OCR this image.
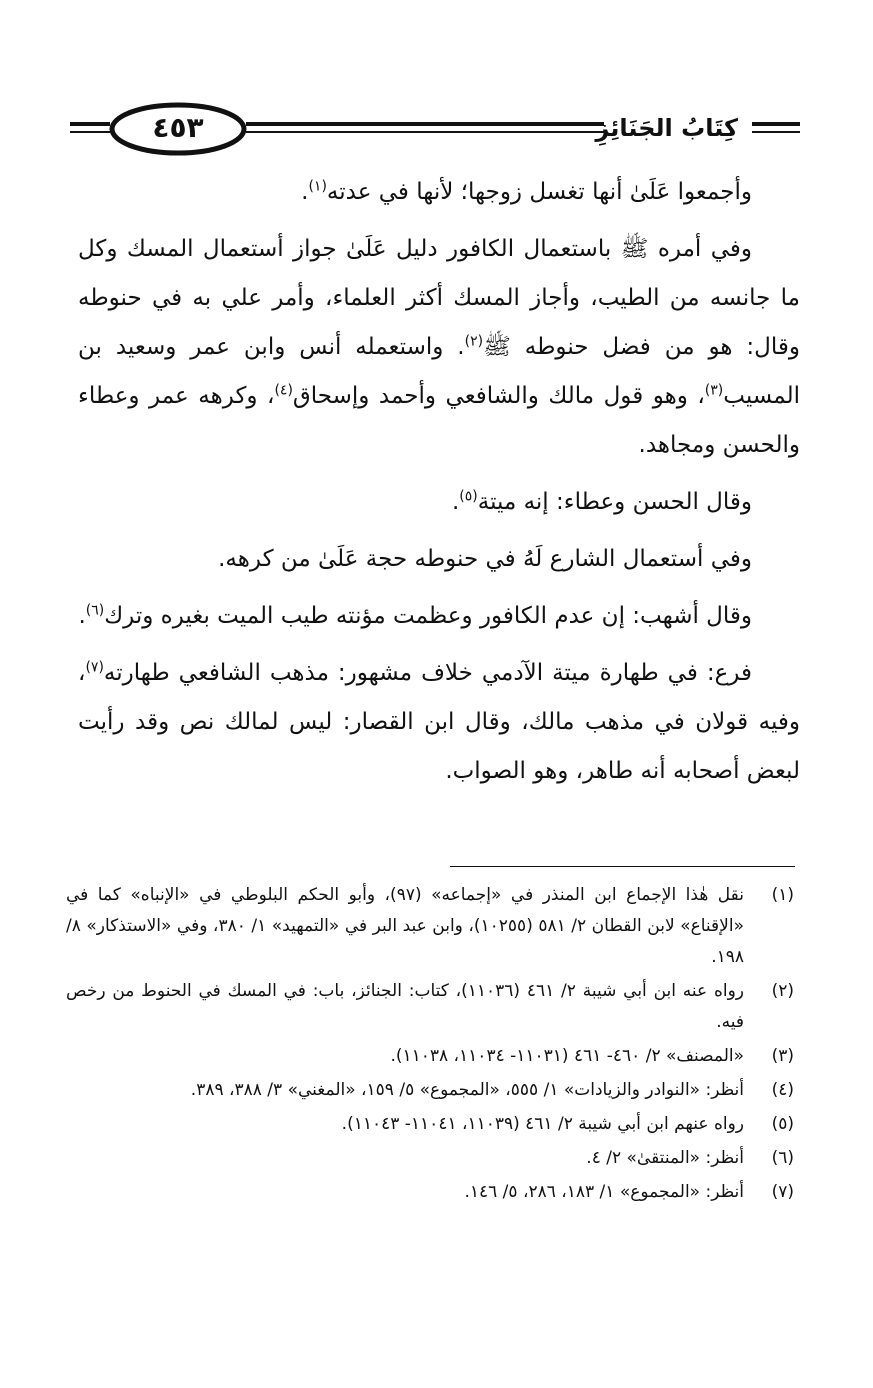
٤٥٣	كِتَابُ الجَنَائِزِ

وأجمعوا عَلَىٰ أنها تغسل زوجها؛ لأنها في عدته$^{(١)}$.

وفي أمره ﷺ باستعمال الكافور دليل عَلَىٰ جواز أستعمال المسك وكل ما جانسه من الطيب، وأجاز المسك أكثر العلماء، وأمر علي به في حنوطه وقال: هو من فضل حنوطه ﷺ$^{(٢)}$. واستعمله أنس وابن عمر وسعيد بن المسيب$^{(٣)}$، وهو قول مالك والشافعي وأحمد وإسحاق$^{(٤)}$، وكرهه عمر وعطاء والحسن ومجاهد.

وقال الحسن وعطاء: إنه ميتة$^{(٥)}$.

وفي أستعمال الشارع لَهُ في حنوطه حجة عَلَىٰ من كرهه.

وقال أشهب: إن عدم الكافور وعظمت مؤنته طيب الميت بغيره وترك$^{(٦)}$.

فرع: في طهارة ميتة الآدمي خلاف مشهور: مذهب الشافعي طهارته$^{(٧)}$، وفيه قولان في مذهب مالك، وقال ابن القصار: ليس لمالك نص وقد رأيت لبعض أصحابه أنه طاهر، وهو الصواب.

(١)
نقل هٰذا الإجماع ابن المنذر في «إجماعه» (٩٧)، وأبو الحكم البلوطي في «الإنباه» كما في «الإقناع» لابن القطان ٢/ ٥٨١ (١٠٢٥٥)، وابن عبد البر في «التمهيد» ١/ ٣٨٠، وفي «الاستذكار» ٨/ ١٩٨.
(٢)
رواه عنه ابن أبي شيبة ٢/ ٤٦١ (١١٠٣٦)، كتاب: الجنائز، باب: في المسك في الحنوط من رخص فيه.
(٣)
«المصنف» ٢/ ٤٦٠- ٤٦١ (١١٠٣١- ١١٠٣٤، ١١٠٣٨).
(٤)
أنظر: «النوادر والزيادات» ١/ ٥٥٥، «المجموع» ٥/ ١٥٩، «المغني» ٣/ ٣٨٨، ٣٨٩.
(٥)
رواه عنهم ابن أبي شيبة ٢/ ٤٦١ (١١٠٣٩، ١١٠٤١- ١١٠٤٣).
(٦)
أنظر: «المنتقىٰ» ٢/ ٤.
(٧)
أنظر: «المجموع» ١/ ١٨٣، ٢٨٦، ٥/ ١٤٦.
